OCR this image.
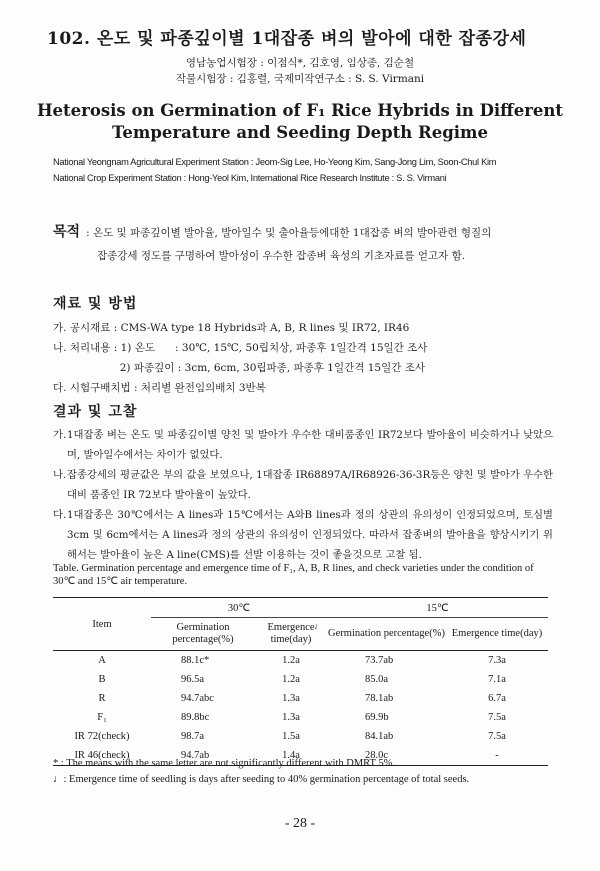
102. 온도 및 파종깊이별 1대잡종 벼의 발아에 대한 잡종강세
영남농업시험장 : 이점식*, 김호영, 임상종, 김순철
작물시험장 : 김홍렬, 국제미작연구소 : S. S. Virmani
Heterosis on Germination of F₁ Rice Hybrids in Different
Temperature and Seeding Depth Regime
National Yeongnam Agricultural Experiment Station : Jeom-Sig Lee, Ho-Yeong Kim, Sang-Jong Lim, Soon-Chul Kim
National Crop Experiment Station : Hong-Yeol Kim, International Rice Research Institute : S. S. Virmani
목적 : 온도 및 파종깊이별 발아율, 발아일수 및 출아율등에대한 1대잡종 벼의 발아관련 형질의
잡종강세 정도를 구명하여 발아성이 우수한 잡종벼 육성의 기초자료를 얻고자 함.
재료 및 방법
가. 공시재료 : CMS-WA type 18 Hybrids과 A, B, R lines 및 IR72, IR46
나. 처리내용 : 1) 온도      : 30℃, 15℃, 50립치상, 파종후 1일간격 15일간 조사
2) 파종깊이 : 3cm, 6cm, 30립파종, 파종후 1일간격 15일간 조사
다. 시험구배치법 : 처리별 완전임의배치 3반복
결과 및 고찰
가. 1대잡종 벼는 온도 및 파종깊이별 양친 및 발아가 우수한 대비품종인 IR72보다 발아율이 비슷하거나 낮았으며, 발아일수에서는 차이가 없었다.
나. 잡종강세의 평균값은 부의 값을 보였으나, 1대잡종 IR68897A/IR68926-36-3R등은 양친 및 발아가 우수한 대비 품종인 IR 72보다 발아율이 높았다.
다. 1대잡종은 30℃에서는 A lines과 15℃에서는 A와B lines과 정의 상관의 유의성이 인정되었으며, 토심별 3cm 및 6cm에서는 A lines과 정의 상관의 유의성이 인정되었다. 따라서 잡종벼의 발아율을 향상시키기 위해서는 발아율이 높은 A line(CMS)를 선발 이용하는 것이 좋을것으로 고찰 됨.
Table. Germination percentage and emergence time of F₁, A, B, R lines, and check varieties under the condition of 30℃ and 15℃ air temperature.
Item	30℃		15℃	
	Germination percentage(%)	Emergence time(day)
♩	Germination percentage(%)	Emergence time(day)
A	88.1c*	1.2a	73.7ab	7.3a
B	96.5a	1.2a	85.0a	7.1a
R	94.7abc	1.3a	78.1ab	6.7a
F₁	89.8bc	1.3a	69.9b	7.5a
IR 72(check)	98.7a	1.5a	84.1ab	7.5a
IR 46(check)	94.7ab	1.4a	28.0c	-
* : The means with the same letter are not significantly different with DMRT 5%.
♩: Emergence time of seedling is days after seeding to 40% germination percentage of total seeds.
- 28 -
